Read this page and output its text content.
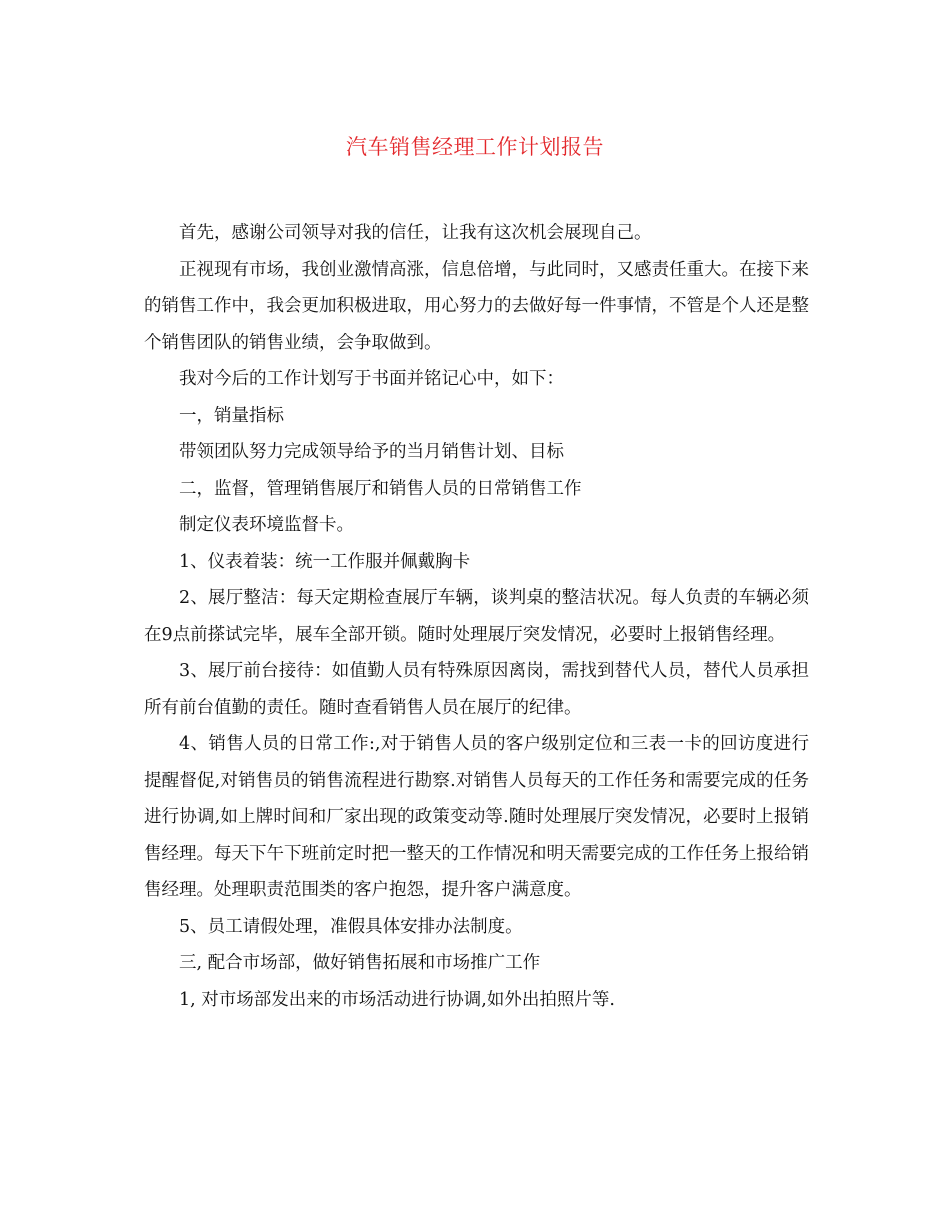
汽车销售经理工作计划报告

首先，感谢公司领导对我的信任，让我有这次机会展现自己。

正视现有市场，我创业激情高涨，信息倍增，与此同时，又感责任重大。在接下来的销售工作中，我会更加积极进取，用心努力的去做好每一件事情，不管是个人还是整个销售团队的销售业绩，会争取做到。

我对今后的工作计划写于书面并铭记心中，如下：

一，销量指标

带领团队努力完成领导给予的当月销售计划、目标

二，监督，管理销售展厅和销售人员的日常销售工作

制定仪表环境监督卡。

1、仪表着装：统一工作服并佩戴胸卡

2、展厅整洁：每天定期检查展厅车辆，谈判桌的整洁状况。每人负责的车辆必须在9点前搽试完毕，展车全部开锁。随时处理展厅突发情况，必要时上报销售经理。

3、展厅前台接待：如值勤人员有特殊原因离岗，需找到替代人员，替代人员承担所有前台值勤的责任。随时查看销售人员在展厅的纪律。

4、销售人员的日常工作:,对于销售人员的客户级别定位和三表一卡的回访度进行提醒督促,对销售员的销售流程进行勘察.对销售人员每天的工作任务和需要完成的任务进行协调,如上牌时间和厂家出现的政策变动等.随时处理展厅突发情况，必要时上报销售经理。每天下午下班前定时把一整天的工作情况和明天需要完成的工作任务上报给销售经理。处理职责范围类的客户抱怨，提升客户满意度。

5、员工请假处理，准假具体安排办法制度。

三, 配合市场部，做好销售拓展和市场推广工作

1, 对市场部发出来的市场活动进行协调,如外出拍照片等.
